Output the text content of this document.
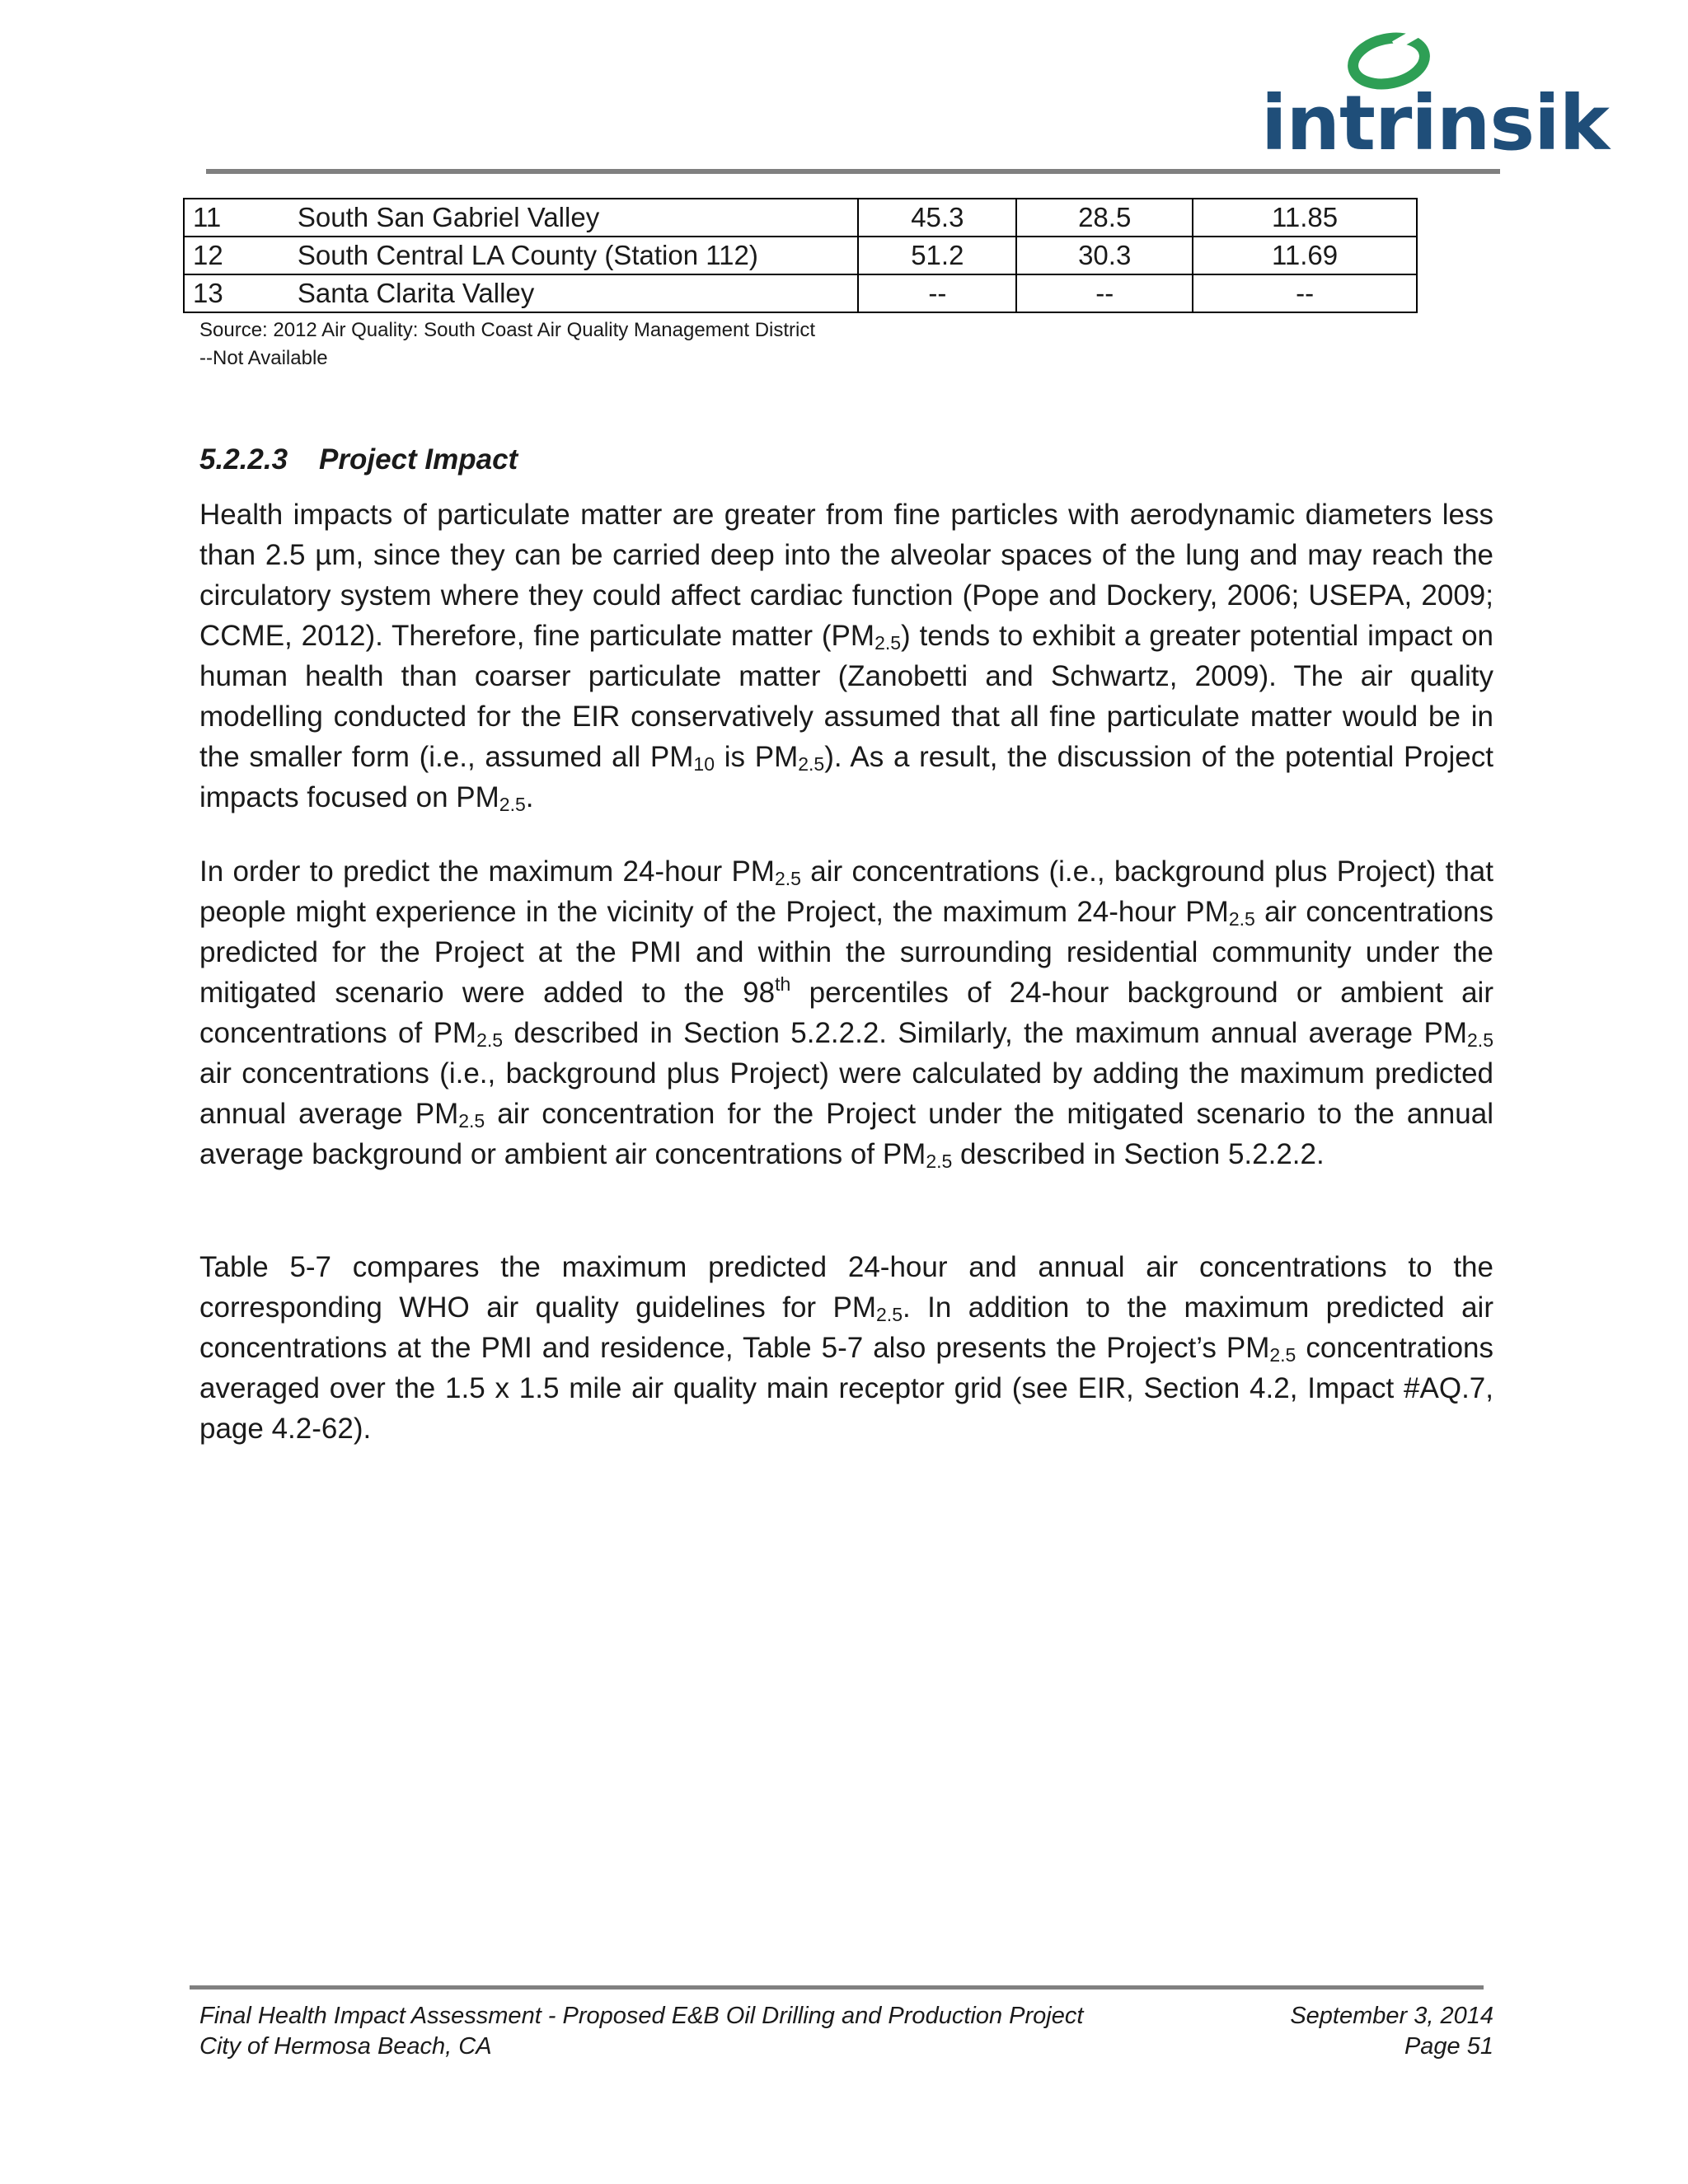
intrinsik
11	South San Gabriel Valley	45.3	28.5	11.85
12	South Central LA County (Station 112)	51.2	30.3	11.69
13	Santa Clarita Valley	--	--	--
Source: 2012 Air Quality: South Coast Air Quality Management District
--Not Available
5.2.2.3 Project Impact

Health impacts of particulate matter are greater from fine particles with aerodynamic diameters less than 2.5 µm, since they can be carried deep into the alveolar spaces of the lung and may reach the circulatory system where they could affect cardiac function (Pope and Dockery, 2006; USEPA, 2009; CCME, 2012). Therefore, fine particulate matter $(PM_{2.5})$ tends to exhibit a greater potential impact on human health than coarser particulate matter (Zanobetti and Schwartz, 2009). The air quality modelling conducted for the EIR conservatively assumed that all fine particulate matter would be in the smaller form (i.e., assumed all $PM_{10}$ is $PM_{2.5}$). As a result, the discussion of the potential Project impacts focused on $PM_{2.5}$.

In order to predict the maximum 24-hour $PM_{2.5}$ air concentrations (i.e., background plus Project) that people might experience in the vicinity of the Project, the maximum 24-hour $PM_{2.5}$ air concentrations predicted for the Project at the PMI and within the surrounding residential community under the mitigated scenario were added to the 98th percentiles of 24-hour background or ambient air concentrations of $PM_{2.5}$ described in Section 5.2.2.2. Similarly, the maximum annual average $PM_{2.5}$ air concentrations (i.e., background plus Project) were calculated by adding the maximum predicted annual average $PM_{2.5}$ air concentration for the Project under the mitigated scenario to the annual average background or ambient air concentrations of $PM_{2.5}$ described in Section 5.2.2.2.

Table 5-7 compares the maximum predicted 24-hour and annual air concentrations to the corresponding WHO air quality guidelines for $PM_{2.5}$. In addition to the maximum predicted air concentrations at the PMI and residence, Table 5-7 also presents the Project’s $PM_{2.5}$ concentrations averaged over the 1.5 x 1.5 mile air quality main receptor grid (see EIR, Section 4.2, Impact #AQ.7, page 4.2-62).

Final Health Impact Assessment - Proposed E&B Oil Drilling and Production Project	September 3, 2014
City of Hermosa Beach, CA	Page 51
